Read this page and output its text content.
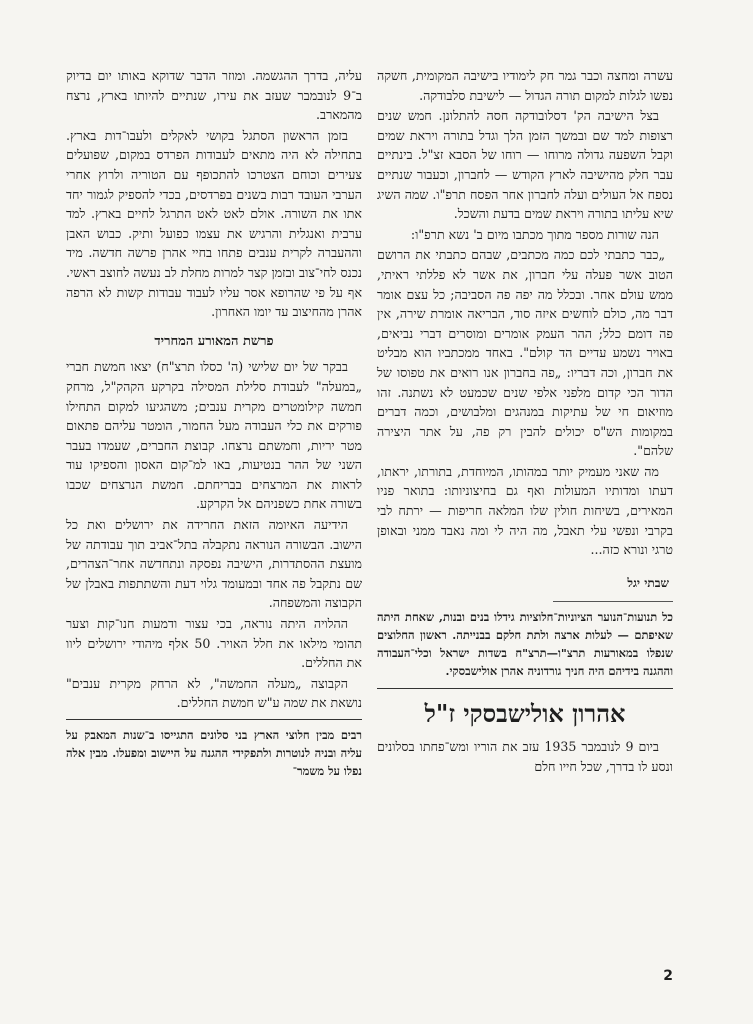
עשרה ומחצה וכבר גמר חק לימודיו בישיבה המקומית, חשקה נפשו לגלות למקום תורה הגדול — לישיבת סלבודקה.

בצל הישיבה הק' דסלובודקה חסה להתלונן. חמש שנים רצופות למד שם ובמשך הזמן הלך וגדל בתורה ויראת שמים וקבל השפעה גדולה מרוחו — רוחו של הסבא זצ"ל. בינתיים עבר חלק מהישיבה לארץ הקודש — לחברון, וכעבור שנתיים נספח אל העולים ועלה לחברון אחר הפסח תרפ"ו. שמה השיג שיא עליתו בתורה ויראת שמים בדעת והשכל.

הנה שורות מספר מתוך מכתבו מיום ב' נשא תרפ"ו:

„כבר כתבתי לכם כמה מכתבים, שבהם כתבתי את הרושם הטוב אשר פעלה עלי חברון, את אשר לא פללתי ראיתי, ממש עולם אחר. ובכלל מה יפה פה הסביבה; כל עצם אומר דבר מה, כולם לוחשים איזה סוד, הבריאה אומרת שירה, אין פה דומם כלל; ההר העמק אומרים ומוסרים דברי נביאים, באויר נשמע עדיים הד קולם". באחד ממכתביו הוא מבליט את חברון, וכה דבריו: „פה בחברון אנו רואים את טפוסו של הדור הכי קדום מלפני אלפי שנים שכמעט לא נשתנה. זהו מוזיאום חי של עתיקות במנהגים ומלבושים, וכמה דברים במקומות הש"ס יכולים להבין רק פה, על אתר היצירה שלהם".

מה שאני מעמיק יותר במהותו, המיוחדת, בתורתו, יראתו, דעתו ומדותיו המעולות ואף גם בחיצוניותו: בתואר פניו המאירים, בשיחות חולין שלו המלאה חריפות — ירתח לבי בקרבי ונפשי עלי תאבל, מה היה לי ומה נאבד ממני ובאופן טרגי ונורא כזה...

שבתי יגל
כל תנועות־הנוער הציוניות־חלוציות גידלו בנים ובנות, שאחת היתה שאיפתם — לעלות ארצה ולתת חלקם בבנייתה. ראשון החלוצים שנפלו במאורעות תרצ"ו—תרצ"ח בשדות ישראל וכלי־העבודה וההגנה בידיהם היה חניך גורדוניה אהרן אולישבסקי.
אהרון אולישבסקי ז"ל

ביום 9 לנובמבר 1935 עזב את הוריו ומש־פחתו בסלונים ונסע לו בדרך, שכל חייו חלם

עליה, בדרך ההגשמה. ומוזר הדבר שדוקא באותו יום בדיוק ב־9 לנובמבר שעזב את עירו, שנתיים להיותו בארץ, נרצח מהמארב.

בזמן הראשון הסתגל בקושי לאקלים ולעבו־דות בארץ. בתחילה לא היה מתאים לעבודות הפרדס במקום, שפועלים צעירים וכוחם הצטרכו להתכופף עם הטוריה ולרוץ אחרי הערבי העובד רבות בשנים בפרדסים, בכדי להספיק לגמור יחד אתו את השורה. אולם לאט לאט התרגל לחיים בארץ. למד ערבית ואנגלית והרגיש את עצמו כפועל ותיק. כבוש האבן וההעברה לקרית ענבים פתחו בחיי אהרן פרשה חדשה. מיד נכנס לחי־צוב ובזמן קצר למרות מחלת לב נעשה לחוצב ראשי. אף על פי שהרופא אסר עליו לעבוד עבודות קשות לא הרפה אהרן מהחיצוב עד יומו האחרון.

פרשת המאורע המחריד

בבקר של יום שלישי (ה' כסלו תרצ"ח) יצאו חמשת חברי „במעלה" לעבודת סלילת המסילה בקרקע הקהק"ל, מרחק חמשה קילומטרים מקרית ענבים; משהגיעו למקום התחילו פורקים את כלי העבודה מעל החמור, הומטר עליהם פתאום מטר יריות, וחמשתם נרצחו. קבוצת החברים, שעמדו בעבר השני של ההר בנטיעות, באו למ־קום האסון והספיקו עוד לראות את המרצחים בבריחתם. חמשת הנרצחים שכבו בשורה אחת כשפניהם אל הקרקע.

הידיעה האיומה הזאת החרידה את ירושלים ואת כל הישוב. הבשורה הנוראה נתקבלה בתל־אביב תוך עבודתה של מועצת ההסתדרות, הישיבה נפסקה ונתחדשה אחר־הצהרים, שם נתקבל פה אחד ובמעומד גלוי דעת והשתתפות באבלן של הקבוצה והמשפחה.

ההלויה היתה נוראה, בכי עצור ודמעות חנו־קות וצער תהומי מילאו את חלל האויר. 50 אלף מיהודי ירושלים ליוו את החללים.

הקבוצה „מעלה החמשה", לא הרחק מקרית ענבים" נושאת את שמה ע"ש חמשת החללים.

רבים מבין חלוצי הארץ בני סלונים התגייסו ב־שנות המאבק על עליה ובניה לנוטרות ולתפקידי ההגנה על היישוב ומפעלו. מבין אלה נפלו על משמר־
2
